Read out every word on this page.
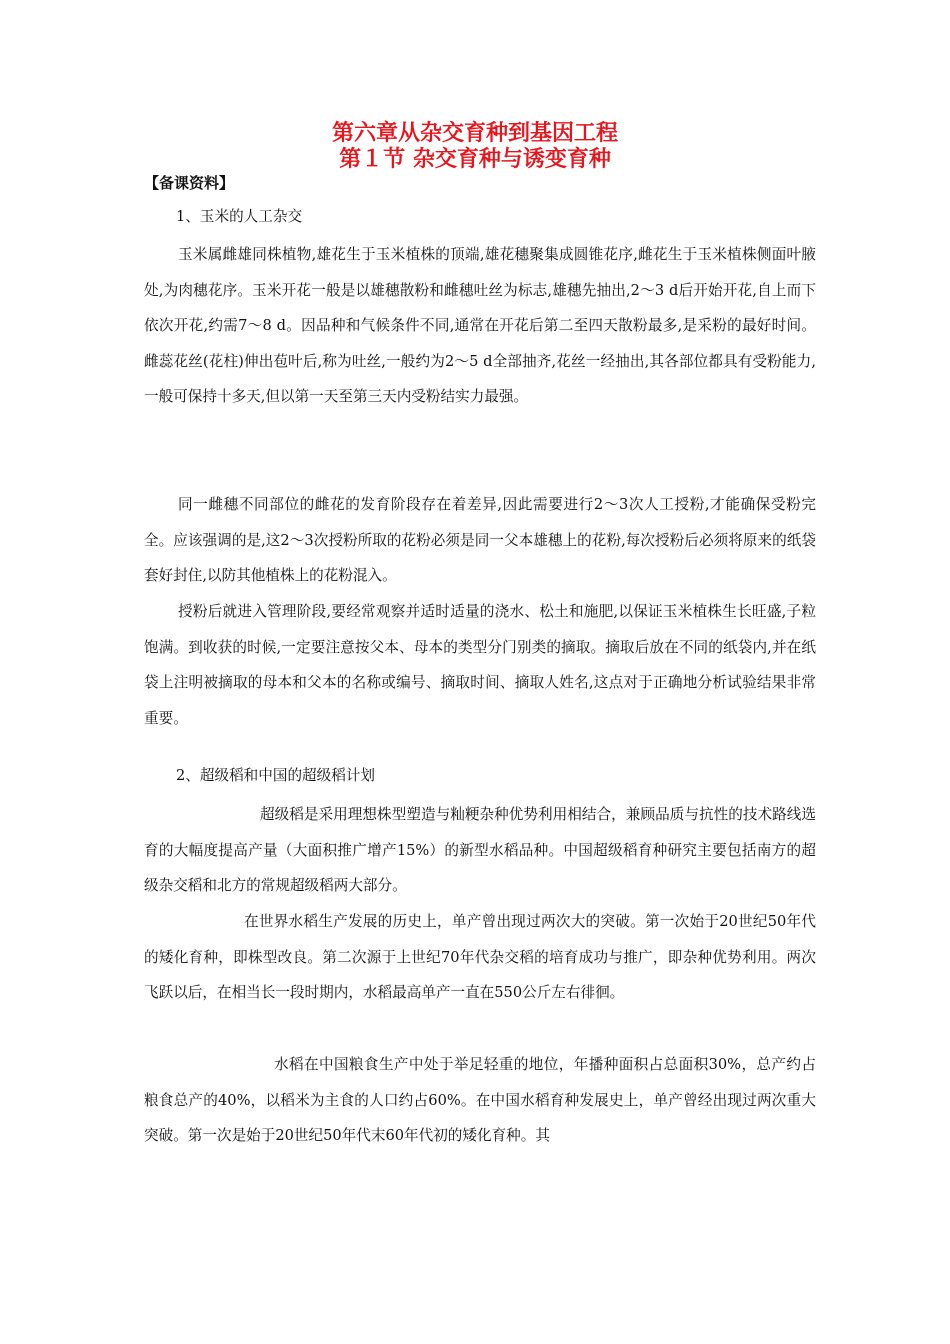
第六章从杂交育种到基因工程
第１节 杂交育种与诱变育种
【备课资料】

1、玉米的人工杂交

玉米属雌雄同株植物,雄花生于玉米植株的顶端,雄花穗聚集成圆锥花序,雌花生于玉米植株侧面叶腋处,为肉穗花序。玉米开花一般是以雄穗散粉和雌穗吐丝为标志,雄穗先抽出,2～3 d后开始开花,自上而下依次开花,约需7～8 d。因品种和气候条件不同,通常在开花后第二至四天散粉最多,是采粉的最好时间。雌蕊花丝(花柱)伸出苞叶后,称为吐丝,一般约为2～5 d全部抽齐,花丝一经抽出,其各部位都具有受粉能力,一般可保持十多天,但以第一天至第三天内受粉结实力最强。

同一雌穗不同部位的雌花的发育阶段存在着差异,因此需要进行2～3次人工授粉,才能确保受粉完全。应该强调的是,这2～3次授粉所取的花粉必须是同一父本雄穗上的花粉,每次授粉后必须将原来的纸袋套好封住,以防其他植株上的花粉混入。

授粉后就进入管理阶段,要经常观察并适时适量的浇水、松土和施肥,以保证玉米植株生长旺盛,子粒饱满。到收获的时候,一定要注意按父本、母本的类型分门别类的摘取。摘取后放在不同的纸袋内,并在纸袋上注明被摘取的母本和父本的名称或编号、摘取时间、摘取人姓名,这点对于正确地分析试验结果非常重要。

2、超级稻和中国的超级稻计划

超级稻是采用理想株型塑造与籼粳杂种优势利用相结合，兼顾品质与抗性的技术路线选育的大幅度提高产量（大面积推广增产15%）的新型水稻品种。中国超级稻育种研究主要包括南方的超级杂交稻和北方的常规超级稻两大部分。

在世界水稻生产发展的历史上，单产曾出现过两次大的突破。第一次始于20世纪50年代的矮化育种，即株型改良。第二次源于上世纪70年代杂交稻的培育成功与推广，即杂种优势利用。两次飞跃以后，在相当长一段时期内，水稻最高单产一直在550公斤左右徘徊。

水稻在中国粮食生产中处于举足轻重的地位，年播种面积占总面积30%，总产约占粮食总产的40%，以稻米为主食的人口约占60%。在中国水稻育种发展史上，单产曾经出现过两次重大突破。第一次是始于20世纪50年代末60年代初的矮化育种。其
